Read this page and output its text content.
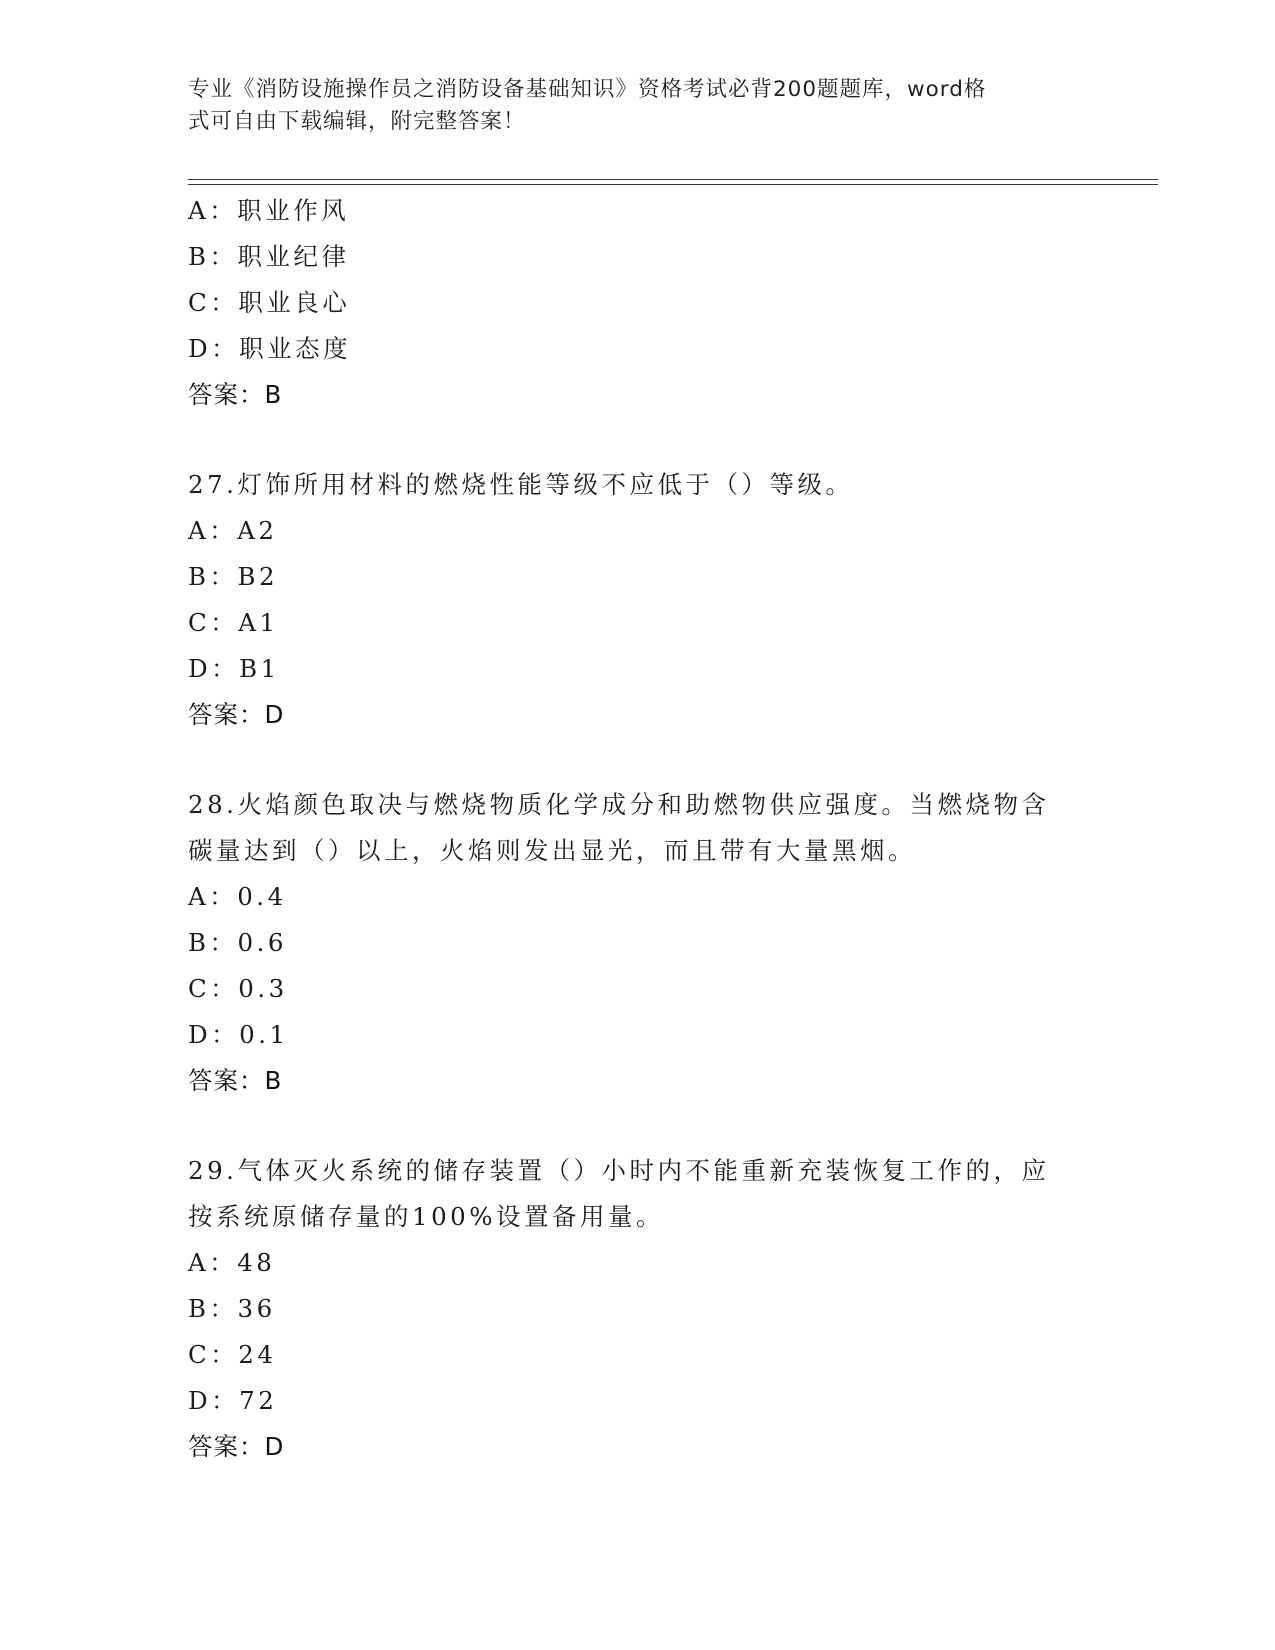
专业《消防设施操作员之消防设备基础知识》资格考试必背200题题库，word格
式可自由下载编辑，附完整答案！
A：职业作风
B：职业纪律
C：职业良心
D：职业态度
答案：B
27.灯饰所用材料的燃烧性能等级不应低于（）等级。
A：A2
B：B2
C：A1
D：B1
答案：D
28.火焰颜色取决与燃烧物质化学成分和助燃物供应强度。当燃烧物含
碳量达到（）以上，火焰则发出显光，而且带有大量黑烟。
A：0.4
B：0.6
C：0.3
D：0.1
答案：B
29.气体灭火系统的储存装置（）小时内不能重新充装恢复工作的，应
按系统原储存量的100%设置备用量。
A：48
B：36
C：24
D：72
答案：D
